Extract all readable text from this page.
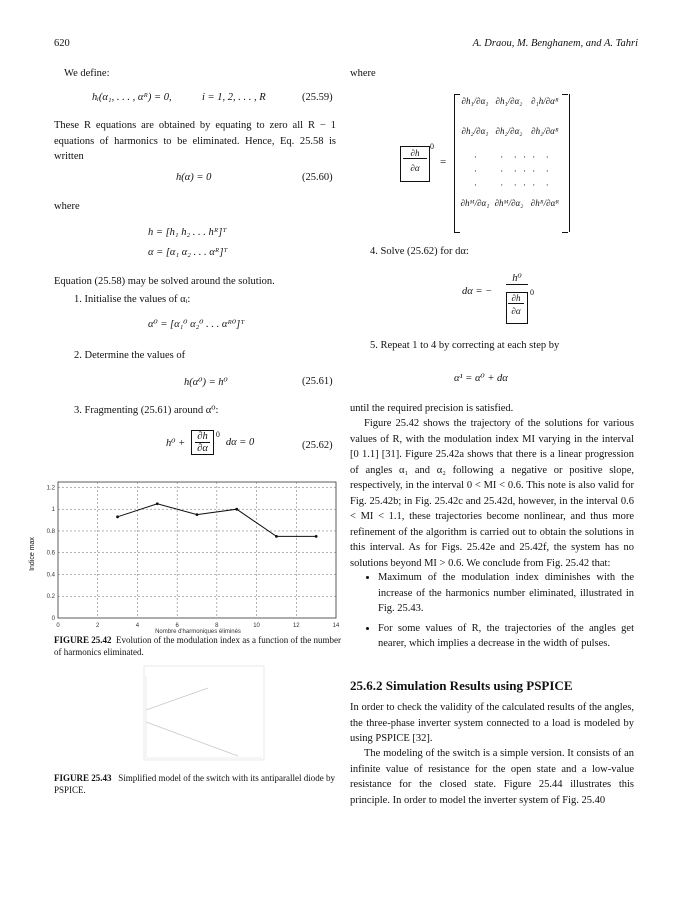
620	A. Draou, M. Benghanem, and A. Tahri
We define:
hᵢ(α₁, . . . , αᴿ) = 0,	i = 1, 2, . . . , R	(25.59)
These R equations are obtained by equating to zero all R − 1 equations of harmonics to be eliminated. Hence, Eq. 25.58 is written
h(α) = 0	(25.60)
where
h = [h₁ h₂ . . . hᴿ]ᵀ
α = [α₁ α₂ . . . αᴿ]ᵀ
Equation (25.58) may be solved around the solution.
1. Initialise the values of αᵢ:
α⁰ = [α₁⁰ α₂⁰ . . . αᴿ⁰]ᵀ
2. Determine the values of
h(α⁰) = h⁰	(25.61)
3. Fragmenting (25.61) around α⁰:
$h^0 + \frac{\partial h}{\partial\alpha} ^0$
dα = 0	(25.62)
0	2	4	6	8	10	12	14
0
0.2
0.4
0.6
0.8
1
1.2
Indice max
Nombre d'harmoniques éliminés
FIGURE 25.42 Evolution of the modulation index as a function of the number of harmonics eliminated.
FIGURE 25.43 Simplified model of the switch with its antiparallel diode by PSPICE.
where
∂h
∂α
0
=
∂h₁/∂α₁ ∂h₁/∂α₂ ∂₁h/∂αᴿ
∂h₂/∂α₁ ∂h₂/∂α₂ ∂h₂/∂αᴿ
·     ·  · · ·  ·
·     ·  · · ·  ·
·     ·  · · ·  ·
∂hᴹ/∂α₁ ∂hᴹ/∂α₂ ∂hᴿ/∂αᴿ
4. Solve (25.62) for dα:
dα = −
h⁰
∂h
∂α
0
5. Repeat 1 to 4 by correcting at each step by
α¹ = α⁰ + dα
until the required precision is satisfied.
Figure 25.42 shows the trajectory of the solutions for various values of R, with the modulation index MI varying in the interval [0 1.1] [31]. Figure 25.42a shows that there is a linear progression of angles α₁ and α₂ following a negative or positive slope, respectively, in the interval 0 < MI < 0.6. This note is also valid for Fig. 25.42b; in Fig. 25.42c and 25.42d, however, in the interval 0.6 < MI < 1.1, these trajectories become nonlinear, and thus more refinement of the algorithm is carried out to obtain the solutions in this interval. As for Figs. 25.42e and 25.42f, the system has no solutions beyond MI > 0.6. We conclude from Fig. 25.42 that:
• Maximum of the modulation index diminishes with the increase of the harmonics number eliminated, illustrated in Fig. 25.43.
• For some values of R, the trajectories of the angles get nearer, which implies a decrease in the width of pulses.
25.6.2 Simulation Results using PSPICE
In order to check the validity of the calculated results of the angles, the three-phase inverter system connected to a load is modeled by using PSPICE [32].
The modeling of the switch is a simple version. It consists of an infinite value of resistance for the open state and a low-value resistance for the closed state. Figure 25.44 illustrates this principle. In order to model the inverter system of Fig. 25.40
